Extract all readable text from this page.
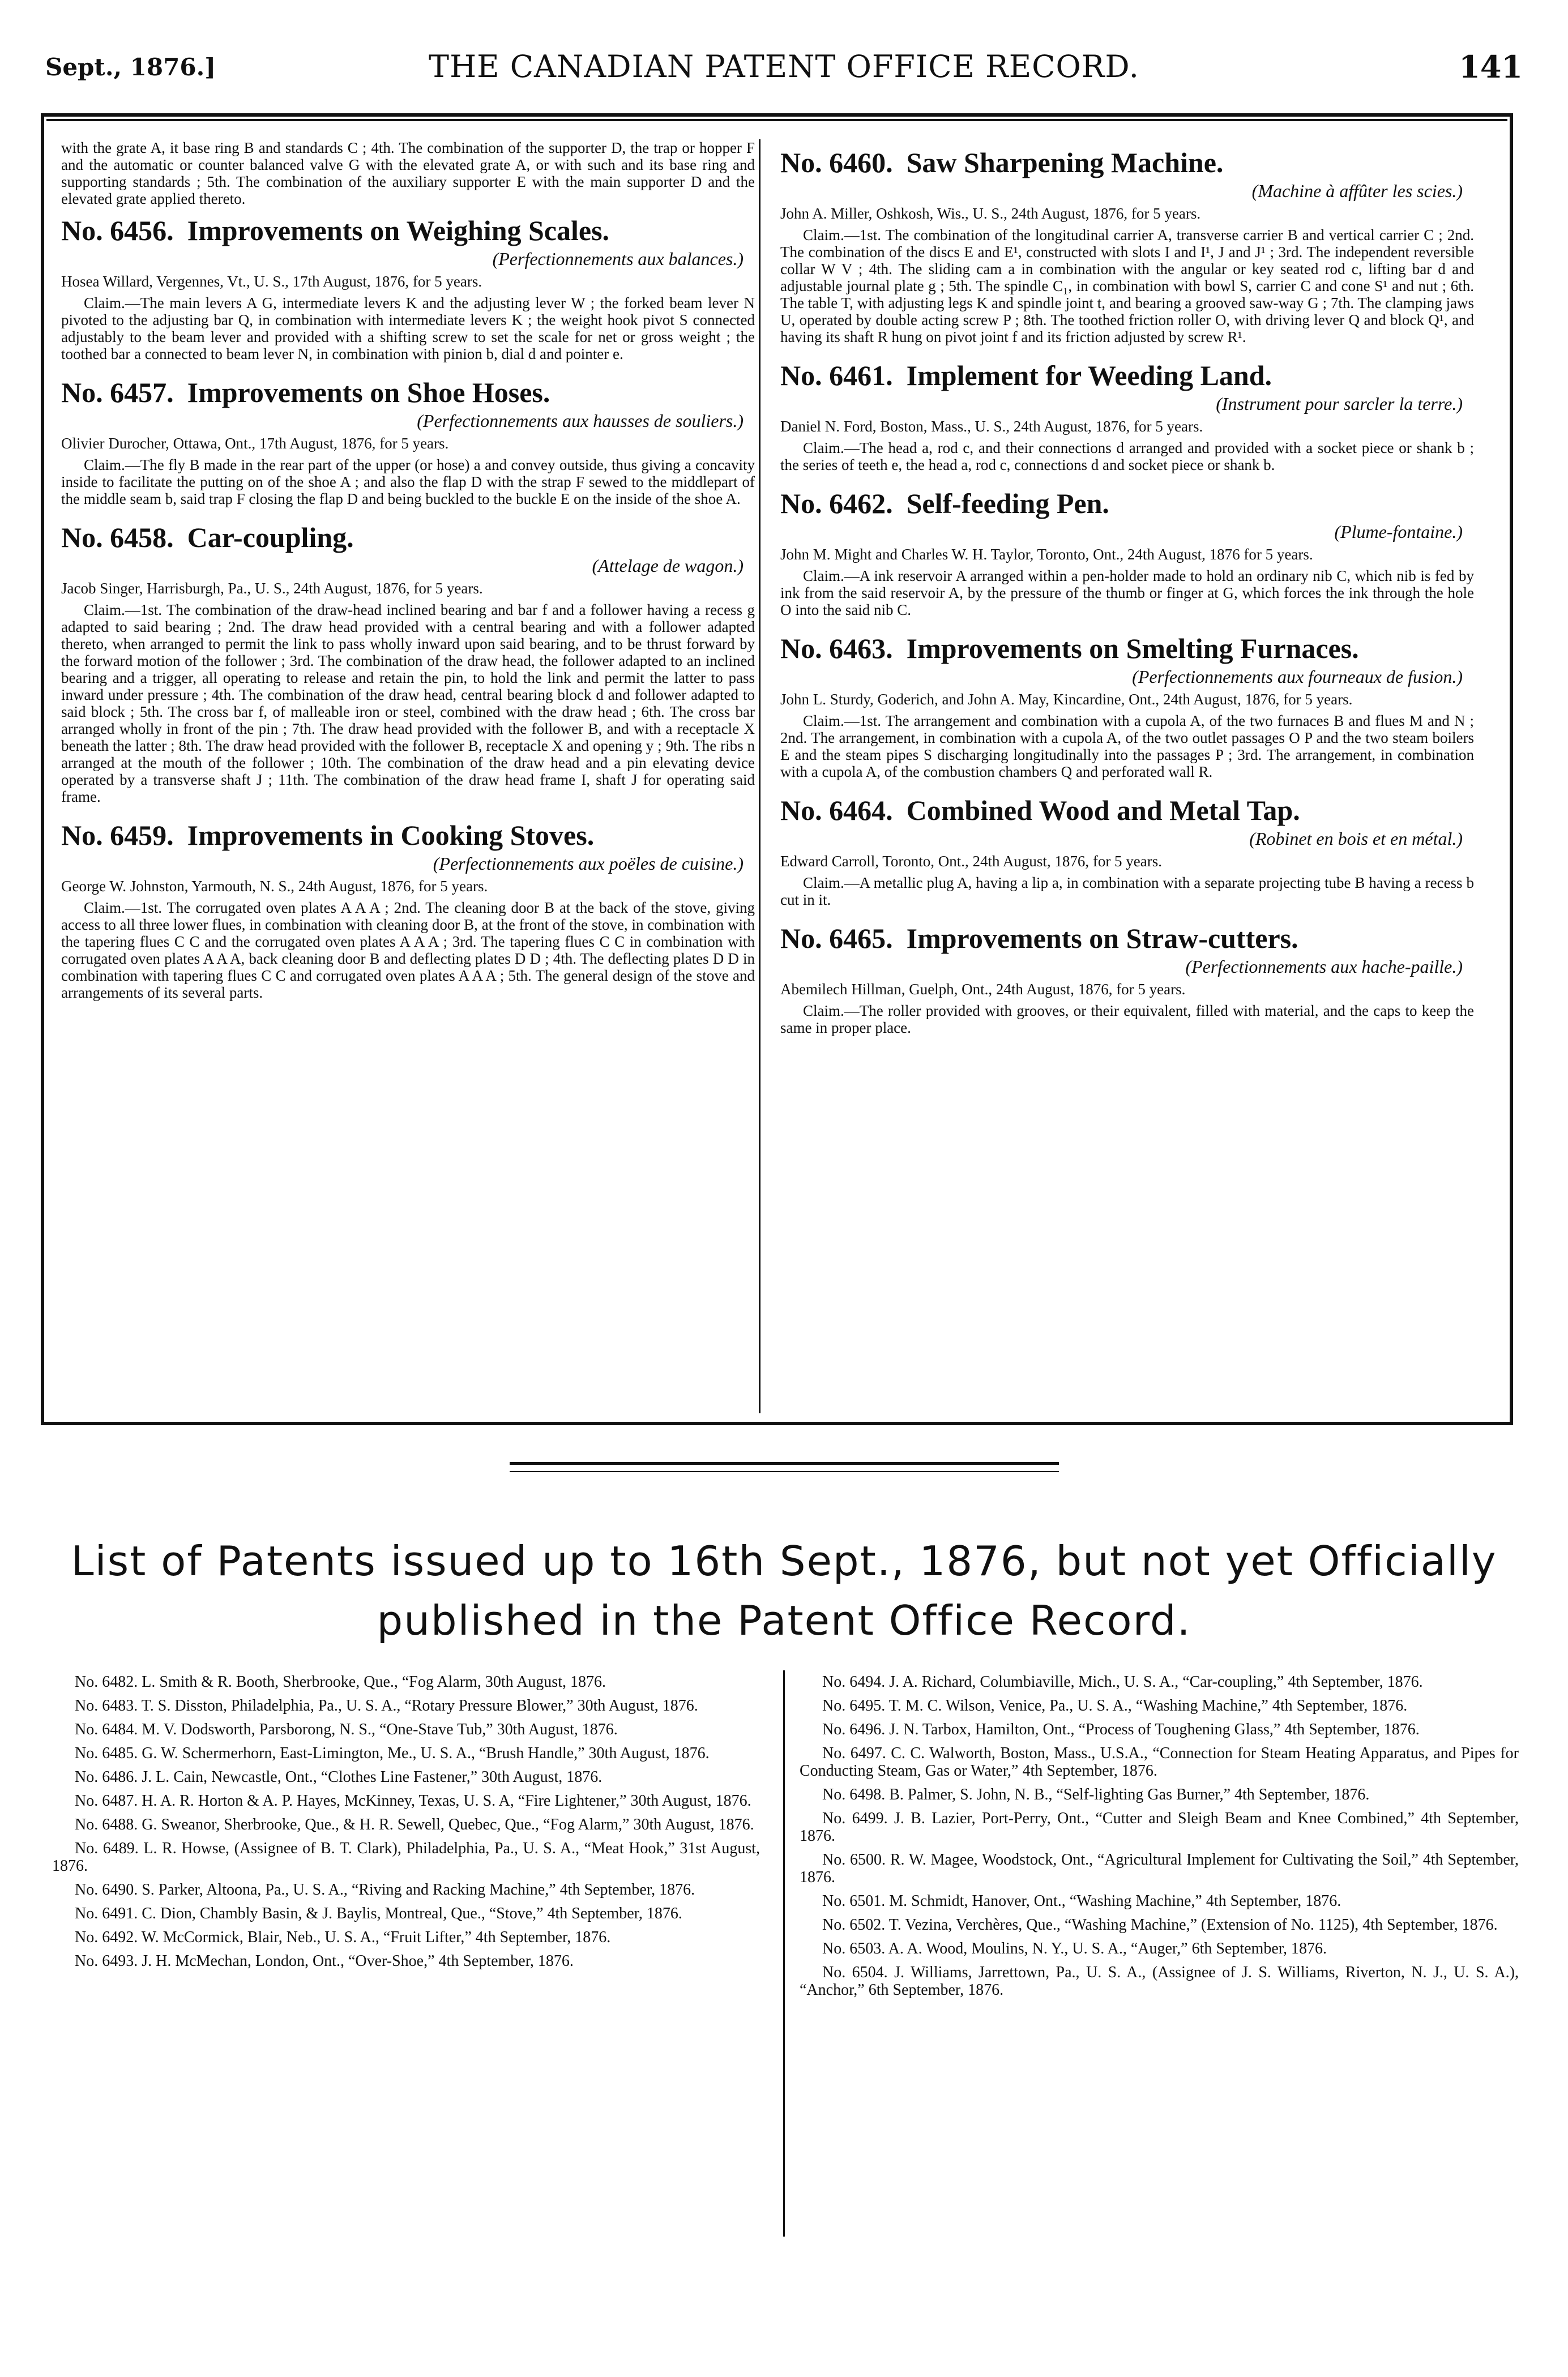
Sept., 1876.]	THE CANADIAN PATENT OFFICE RECORD.	141

with the grate A, it base ring B and standards C ; 4th. The combination of the supporter D, the trap or hopper F and the automatic or counter balanced valve G with the elevated grate A, or with such and its base ring and supporting standards ; 5th. The combination of the auxiliary supporter E with the main supporter D and the elevated grate applied thereto.

No. 6456. Improvements on Weighing Scales.
(Perfectionnements aux balances.)
Hosea Willard, Vergennes, Vt., U. S., 17th August, 1876, for 5 years.

Claim.—The main levers A G, intermediate levers K and the adjusting lever W ; the forked beam lever N pivoted to the adjusting bar Q, in combination with intermediate levers K ; the weight hook pivot S connected adjustably to the beam lever and provided with a shifting screw to set the scale for net or gross weight ; the toothed bar a connected to beam lever N, in combination with pinion b, dial d and pointer e.

No. 6457. Improvements on Shoe Hoses.
(Perfectionnements aux hausses de souliers.)
Olivier Durocher, Ottawa, Ont., 17th August, 1876, for 5 years.

Claim.—The fly B made in the rear part of the upper (or hose) a and convey outside, thus giving a concavity inside to facilitate the putting on of the shoe A ; and also the flap D with the strap F sewed to the middlepart of the middle seam b, said trap F closing the flap D and being buckled to the buckle E on the inside of the shoe A.

No. 6458. Car-coupling.
(Attelage de wagon.)
Jacob Singer, Harrisburgh, Pa., U. S., 24th August, 1876, for 5 years.

Claim.—1st. The combination of the draw-head inclined bearing and bar f and a follower having a recess g adapted to said bearing ; 2nd. The draw head provided with a central bearing and with a follower adapted thereto, when arranged to permit the link to pass wholly inward upon said bearing, and to be thrust forward by the forward motion of the follower ; 3rd. The combination of the draw head, the follower adapted to an inclined bearing and a trigger, all operating to release and retain the pin, to hold the link and permit the latter to pass inward under pressure ; 4th. The combination of the draw head, central bearing block d and follower adapted to said block ; 5th. The cross bar f, of malleable iron or steel, combined with the draw head ; 6th. The cross bar arranged wholly in front of the pin ; 7th. The draw head provided with the follower B, and with a receptacle X beneath the latter ; 8th. The draw head provided with the follower B, receptacle X and opening y ; 9th. The ribs n arranged at the mouth of the follower ; 10th. The combination of the draw head and a pin elevating device operated by a transverse shaft J ; 11th. The combination of the draw head frame I, shaft J for operating said frame.

No. 6459. Improvements in Cooking Stoves.
(Perfectionnements aux poëles de cuisine.)
George W. Johnston, Yarmouth, N. S., 24th August, 1876, for 5 years.

Claim.—1st. The corrugated oven plates A A A ; 2nd. The cleaning door B at the back of the stove, giving access to all three lower flues, in combination with cleaning door B, at the front of the stove, in combination with the tapering flues C C and the corrugated oven plates A A A ; 3rd. The tapering flues C C in combination with corrugated oven plates A A A, back cleaning door B and deflecting plates D D ; 4th. The deflecting plates D D in combination with tapering flues C C and corrugated oven plates A A A ; 5th. The general design of the stove and arrangements of its several parts.

No. 6460. Saw Sharpening Machine.
(Machine à affûter les scies.)
John A. Miller, Oshkosh, Wis., U. S., 24th August, 1876, for 5 years.

Claim.—1st. The combination of the longitudinal carrier A, transverse carrier B and vertical carrier C ; 2nd. The combination of the discs E and E¹, constructed with slots I and I¹, J and J¹ ; 3rd. The independent reversible collar W V ; 4th. The sliding cam a in combination with the angular or key seated rod c, lifting bar d and adjustable journal plate g ; 5th. The spindle C₁, in combination with bowl S, carrier C and cone S¹ and nut ; 6th. The table T, with adjusting legs K and spindle joint t, and bearing a grooved saw-way G ; 7th. The clamping jaws U, operated by double acting screw P ; 8th. The toothed friction roller O, with driving lever Q and block Q¹, and having its shaft R hung on pivot joint f and its friction adjusted by screw R¹.

No. 6461. Implement for Weeding Land.
(Instrument pour sarcler la terre.)
Daniel N. Ford, Boston, Mass., U. S., 24th August, 1876, for 5 years.

Claim.—The head a, rod c, and their connections d arranged and provided with a socket piece or shank b ; the series of teeth e, the head a, rod c, connections d and socket piece or shank b.

No. 6462. Self-feeding Pen.
(Plume-fontaine.)
John M. Might and Charles W. H. Taylor, Toronto, Ont., 24th August, 1876 for 5 years.

Claim.—A ink reservoir A arranged within a pen-holder made to hold an ordinary nib C, which nib is fed by ink from the said reservoir A, by the pressure of the thumb or finger at G, which forces the ink through the hole O into the said nib C.

No. 6463. Improvements on Smelting Furnaces.
(Perfectionnements aux fourneaux de fusion.)
John L. Sturdy, Goderich, and John A. May, Kincardine, Ont., 24th August, 1876, for 5 years.

Claim.—1st. The arrangement and combination with a cupola A, of the two furnaces B and flues M and N ; 2nd. The arrangement, in combination with a cupola A, of the two outlet passages O P and the two steam boilers E and the steam pipes S discharging longitudinally into the passages P ; 3rd. The arrangement, in combination with a cupola A, of the combustion chambers Q and perforated wall R.

No. 6464. Combined Wood and Metal Tap.
(Robinet en bois et en métal.)
Edward Carroll, Toronto, Ont., 24th August, 1876, for 5 years.

Claim.—A metallic plug A, having a lip a, in combination with a separate projecting tube B having a recess b cut in it.

No. 6465. Improvements on Straw-cutters.
(Perfectionnements aux hache-paille.)
Abemilech Hillman, Guelph, Ont., 24th August, 1876, for 5 years.

Claim.—The roller provided with grooves, or their equivalent, filled with material, and the caps to keep the same in proper place.

List of Patents issued up to 16th Sept., 1876, but not yet Officially published in the Patent Office Record.

No. 6482. L. Smith & R. Booth, Sherbrooke, Que., “Fog Alarm, 30th August, 1876.

No. 6483. T. S. Disston, Philadelphia, Pa., U. S. A., “Rotary Pressure Blower,” 30th August, 1876.

No. 6484. M. V. Dodsworth, Parsborong, N. S., “One-Stave Tub,” 30th August, 1876.

No. 6485. G. W. Schermerhorn, East-Limington, Me., U. S. A., “Brush Handle,” 30th August, 1876.

No. 6486. J. L. Cain, Newcastle, Ont., “Clothes Line Fastener,” 30th August, 1876.

No. 6487. H. A. R. Horton & A. P. Hayes, McKinney, Texas, U. S. A, “Fire Lightener,” 30th August, 1876.

No. 6488. G. Sweanor, Sherbrooke, Que., & H. R. Sewell, Quebec, Que., “Fog Alarm,” 30th August, 1876.

No. 6489. L. R. Howse, (Assignee of B. T. Clark), Philadelphia, Pa., U. S. A., “Meat Hook,” 31st August, 1876.

No. 6490. S. Parker, Altoona, Pa., U. S. A., “Riving and Racking Machine,” 4th September, 1876.

No. 6491. C. Dion, Chambly Basin, & J. Baylis, Montreal, Que., “Stove,” 4th September, 1876.

No. 6492. W. McCormick, Blair, Neb., U. S. A., “Fruit Lifter,” 4th September, 1876.

No. 6493. J. H. McMechan, London, Ont., “Over-Shoe,” 4th September, 1876.

No. 6494. J. A. Richard, Columbiaville, Mich., U. S. A., “Car-coupling,” 4th September, 1876.

No. 6495. T. M. C. Wilson, Venice, Pa., U. S. A., “Washing Machine,” 4th September, 1876.

No. 6496. J. N. Tarbox, Hamilton, Ont., “Process of Toughening Glass,” 4th September, 1876.

No. 6497. C. C. Walworth, Boston, Mass., U.S.A., “Connection for Steam Heating Apparatus, and Pipes for Conducting Steam, Gas or Water,” 4th September, 1876.

No. 6498. B. Palmer, S. John, N. B., “Self-lighting Gas Burner,” 4th September, 1876.

No. 6499. J. B. Lazier, Port-Perry, Ont., “Cutter and Sleigh Beam and Knee Combined,” 4th September, 1876.

No. 6500. R. W. Magee, Woodstock, Ont., “Agricultural Implement for Cultivating the Soil,” 4th September, 1876.

No. 6501. M. Schmidt, Hanover, Ont., “Washing Machine,” 4th September, 1876.

No. 6502. T. Vezina, Verchères, Que., “Washing Machine,” (Extension of No. 1125), 4th September, 1876.

No. 6503. A. A. Wood, Moulins, N. Y., U. S. A., “Auger,” 6th September, 1876.

No. 6504. J. Williams, Jarrettown, Pa., U. S. A., (Assignee of J. S. Williams, Riverton, N. J., U. S. A.), “Anchor,” 6th September, 1876.
